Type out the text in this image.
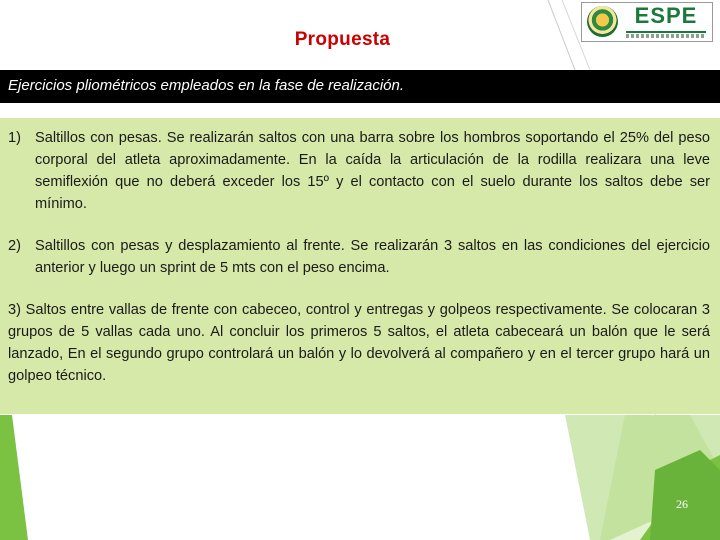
Propuesta
ESPE
Ejercicios pliométricos empleados en la fase de realización.
1) Saltillos con pesas. Se realizarán saltos con una barra sobre los hombros soportando el 25% del peso corporal del atleta aproximadamente. En la caída la articulación de la rodilla realizara una leve semiflexión que no deberá exceder los 15º y el contacto con el suelo durante los saltos debe ser mínimo.
2) Saltillos con pesas y desplazamiento al frente. Se realizarán 3 saltos en las condiciones del ejercicio anterior y luego un sprint de 5 mts con el peso encima.
3) Saltos entre vallas de frente con cabeceo, control y entregas y golpeos respectivamente. Se colocaran 3 grupos de 5 vallas cada uno. Al concluir los primeros 5 saltos, el atleta cabeceará un balón que le será lanzado, En el segundo grupo controlará un balón y lo devolverá al compañero y en el tercer grupo hará un golpeo técnico.
26
